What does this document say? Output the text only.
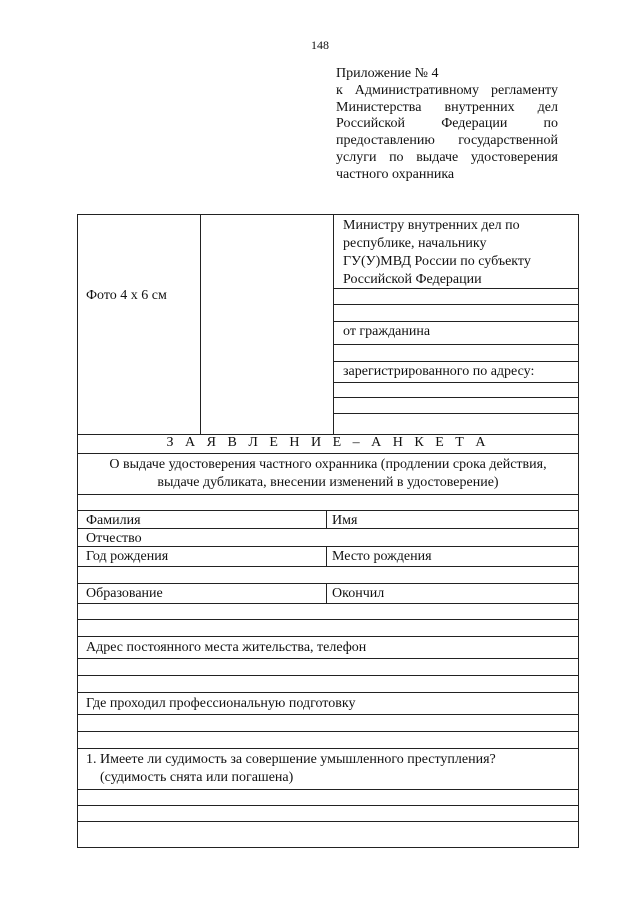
148
Приложение № 4
к Административному регламенту
Министерства внутренних дел
Российской Федерации по
предоставлению государственной
услуги по выдаче удостоверения
частного охранника
Фото 4 х 6 см
Министру внутренних дел по
республике, начальнику
ГУ(У)МВД России по субъекту
Российской Федерации
от гражданина
зарегистрированного по адресу:
З А Я В Л Е Н И Е – А Н К Е Т А
О выдаче удостоверения частного охранника (продлении срока действия,
выдаче дубликата, внесении изменений в удостоверение)
Фамилия	Имя
Отчество
Год рождения	Место рождения
Образование	Окончил
Адрес постоянного места жительства, телефон
Где проходил профессиональную подготовку
1. Имеете ли судимость за совершение умышленного преступления?
(судимость снята или погашена)
